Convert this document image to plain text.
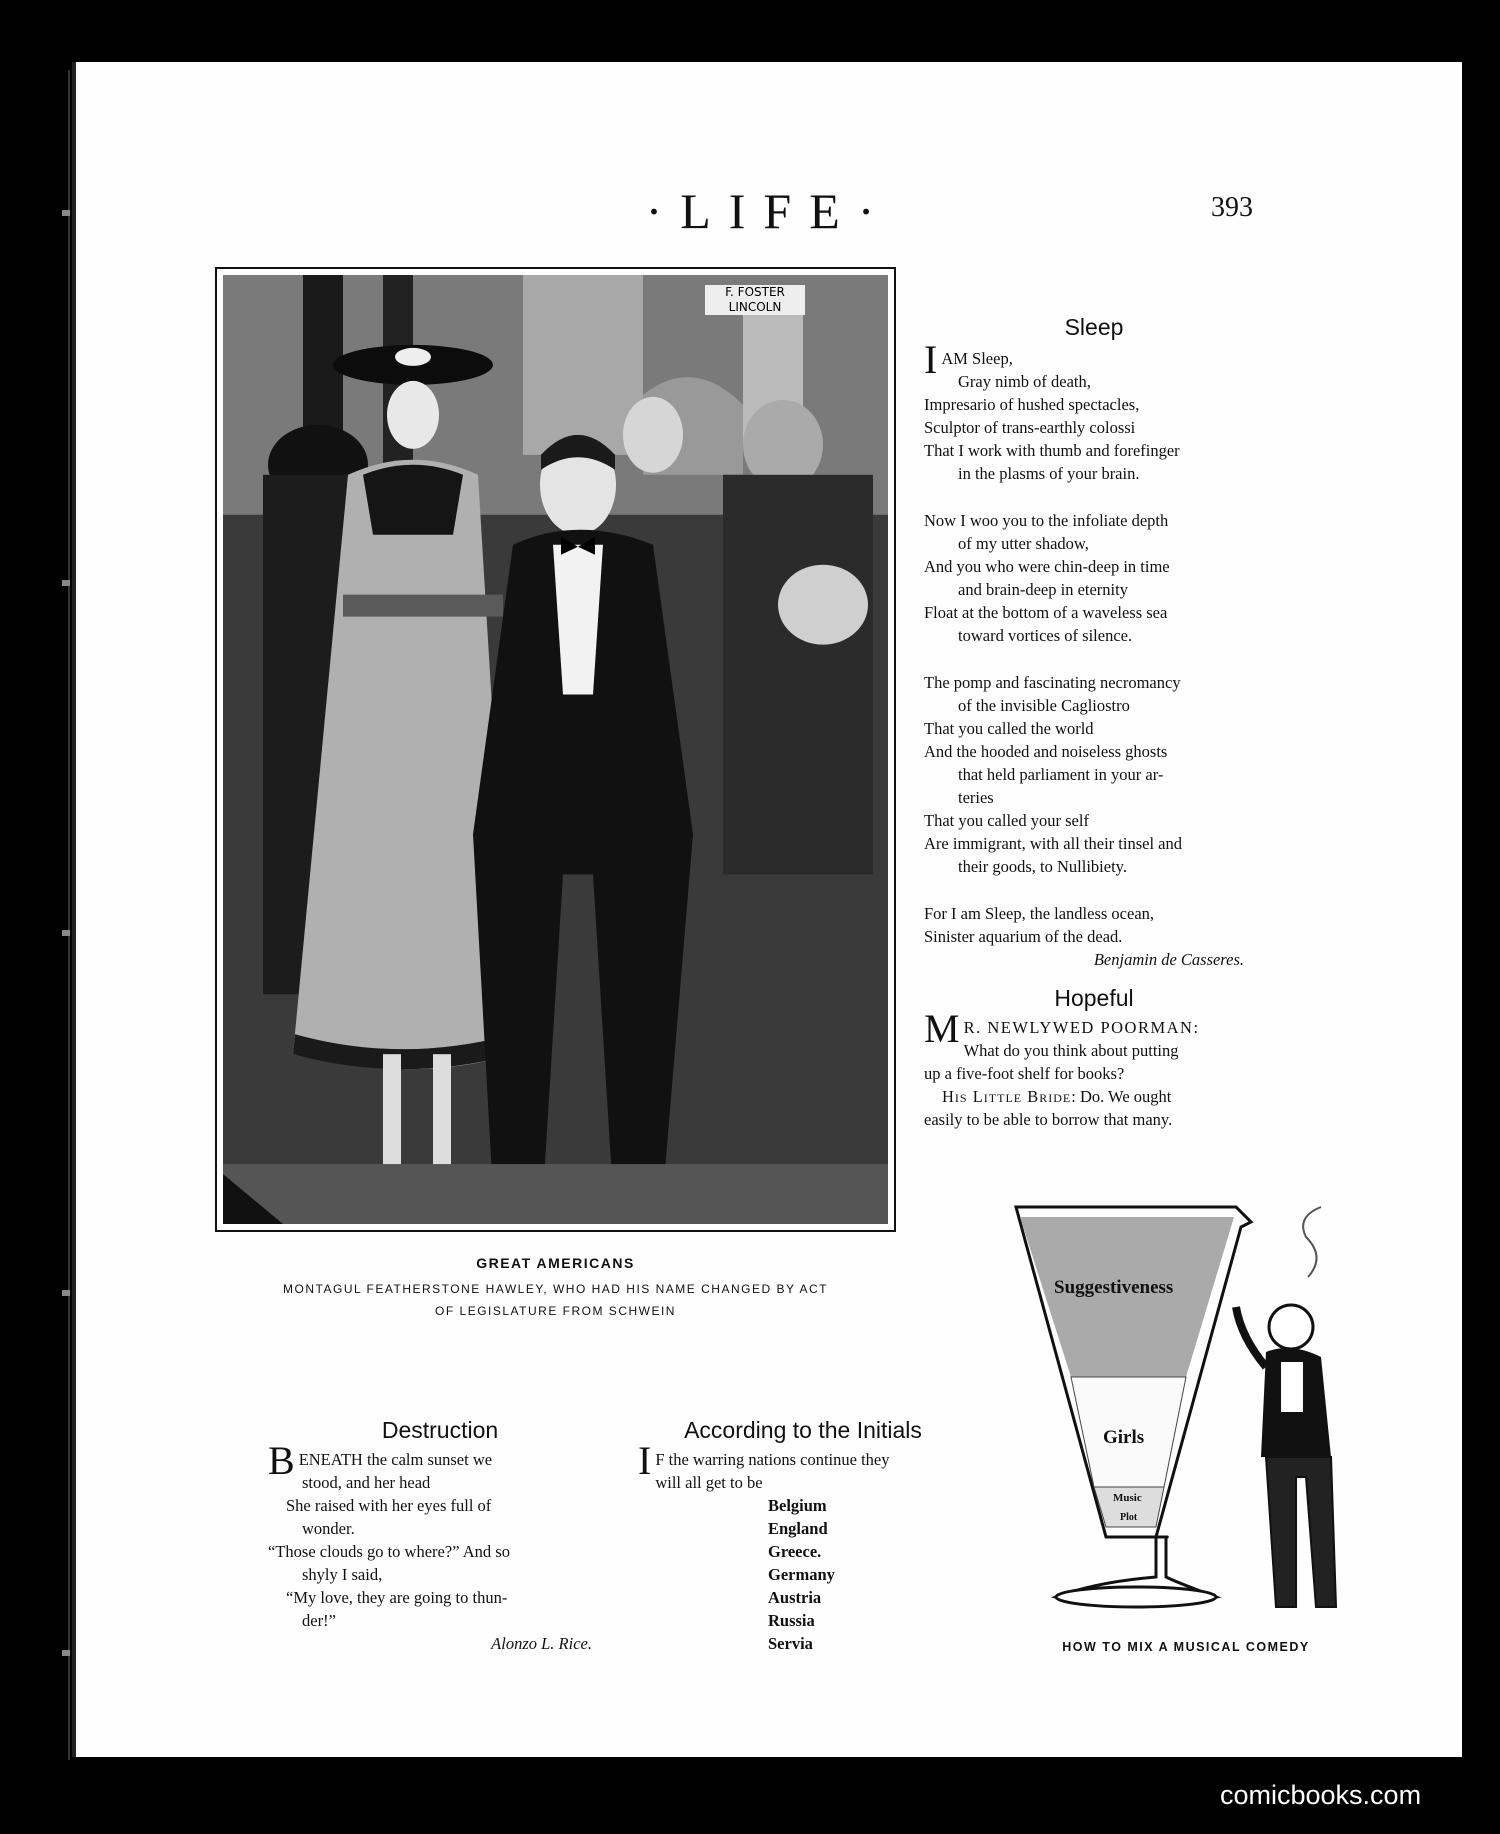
·LIFE·	393
F. FOSTER LINCOLN
GREAT AMERICANS
MONTAGUL FEATHERSTONE HAWLEY, WHO HAD HIS NAME CHANGED BY ACT
OF LEGISLATURE FROM SCHWEIN
Sleep
I AM Sleep,

Gray nimb of death,

Impresario of hushed spectacles,

Sculptor of trans-earthly colossi

That I work with thumb and forefinger

in the plasms of your brain.

Now I woo you to the infoliate depth

of my utter shadow,

And you who were chin-deep in time

and brain-deep in eternity

Float at the bottom of a waveless sea

toward vortices of silence.

The pomp and fascinating necromancy

of the invisible Cagliostro

That you called the world

And the hooded and noiseless ghosts

that held parliament in your ar-

teries

That you called your self

Are immigrant, with all their tinsel and

their goods, to Nullibiety.

For I am Sleep, the landless ocean,

Sinister aquarium of the dead.

Benjamin de Casseres.

Hopeful
M R. NEWLYWED POORMAN:

What do you think about putting

up a five-foot shelf for books?

His Little Bride: Do. We ought

easily to be able to borrow that many.

Destruction
B ENEATH the calm sunset we

stood, and her head

She raised with her eyes full of

wonder.

“Those clouds go to where?” And so

shyly I said,

“My love, they are going to thun-

der!”

Alonzo L. Rice.

According to the Initials
I F the warring nations continue they

will all get to be

Belgium

England

Greece.

Germany

Austria

Russia

Servia

Suggestiveness
Girls
Music
Plot
HOW TO MIX A MUSICAL COMEDY
comicbooks.com
